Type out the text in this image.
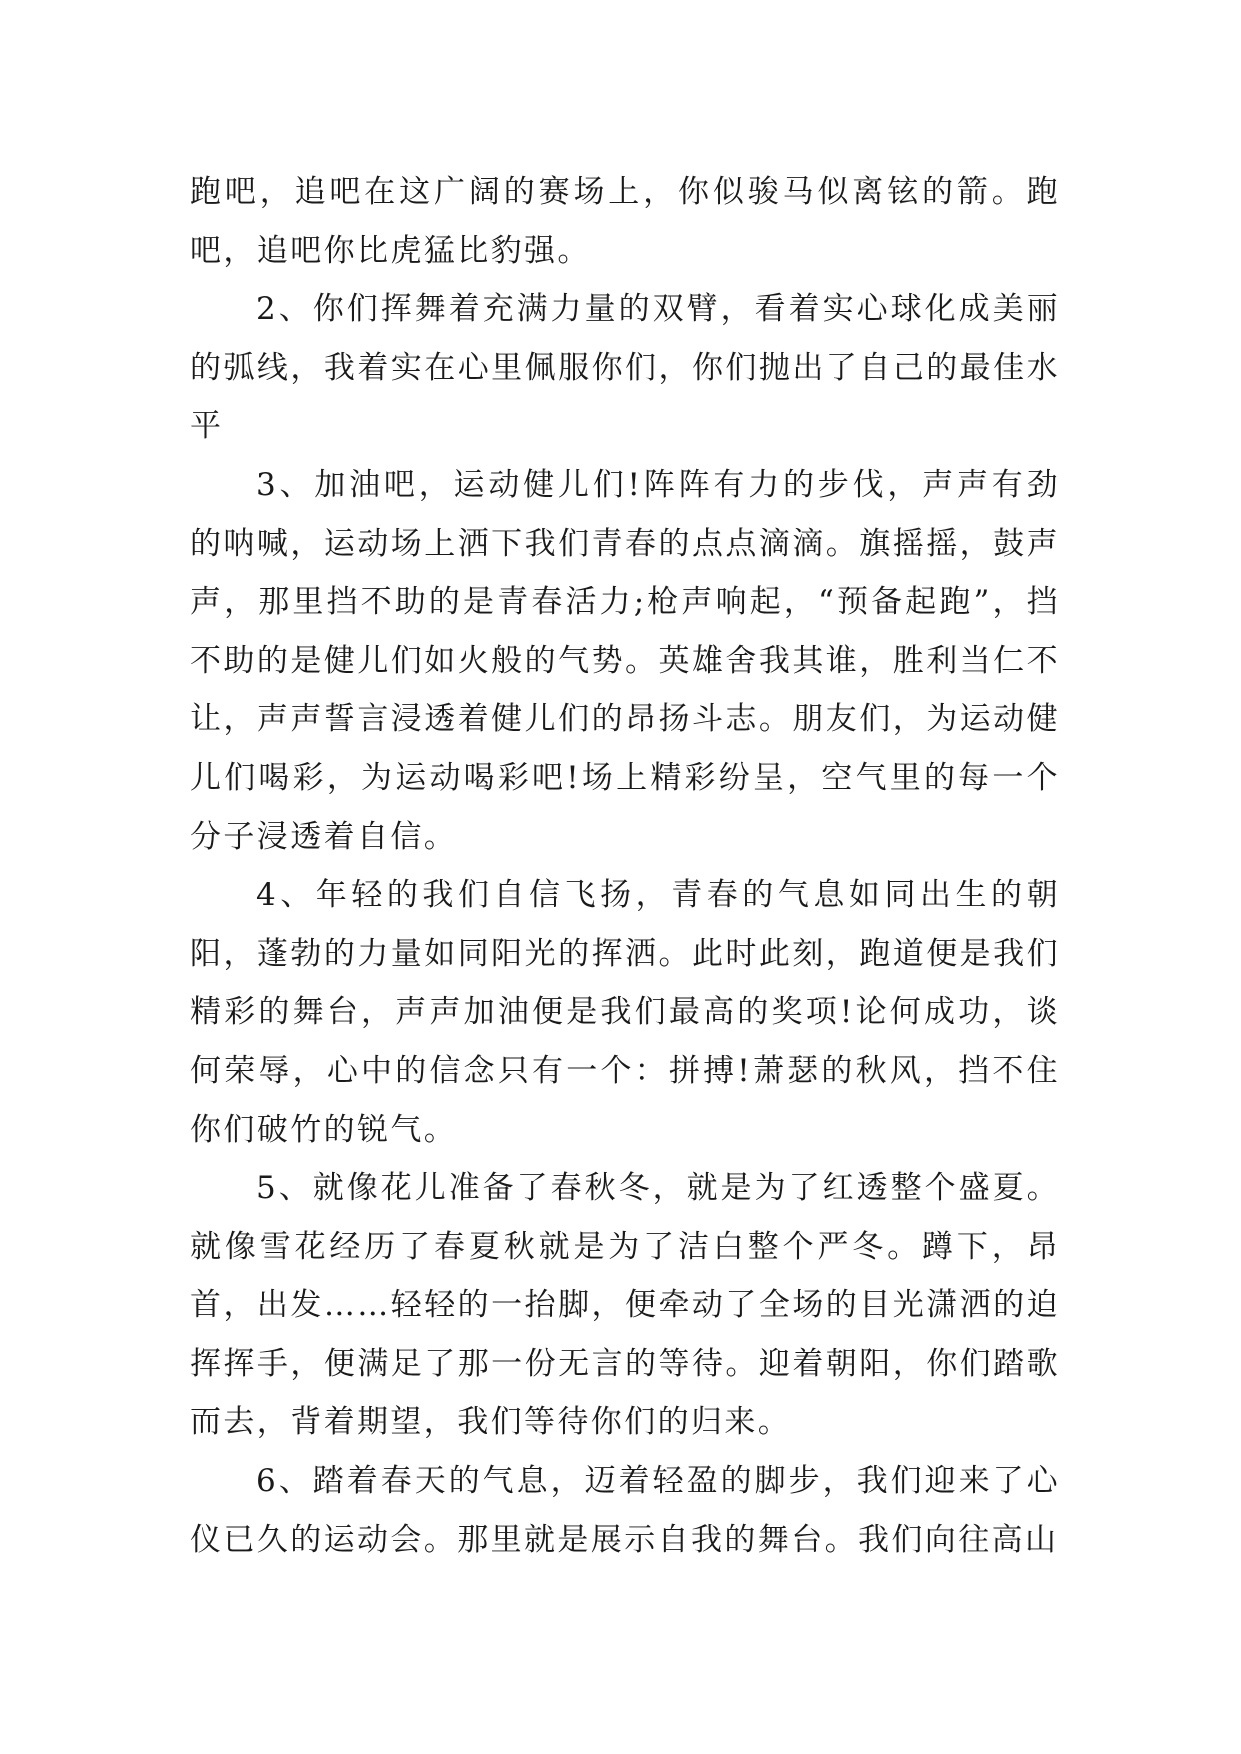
跑吧，追吧在这广阔的赛场上，你似骏马似离铉的箭。跑吧，追吧你比虎猛比豹强。

2、你们挥舞着充满力量的双臂，看着实心球化成美丽的弧线，我着实在心里佩服你们，你们抛出了自己的最佳水平

3、加油吧，运动健儿们!阵阵有力的步伐，声声有劲的呐喊，运动场上洒下我们青春的点点滴滴。旗摇摇，鼓声声，那里挡不助的是青春活力;枪声响起，“预备起跑”，挡不助的是健儿们如火般的气势。英雄舍我其谁，胜利当仁不让，声声誓言浸透着健儿们的昂扬斗志。朋友们，为运动健儿们喝彩，为运动喝彩吧!场上精彩纷呈，空气里的每一个分子浸透着自信。

4、年轻的我们自信飞扬，青春的气息如同出生的朝阳，蓬勃的力量如同阳光的挥洒。此时此刻，跑道便是我们精彩的舞台，声声加油便是我们最高的奖项!论何成功，谈何荣辱，心中的信念只有一个：拼搏!萧瑟的秋风，挡不住你们破竹的锐气。

5、就像花儿准备了春秋冬，就是为了红透整个盛夏。就像雪花经历了春夏秋就是为了洁白整个严冬。蹲下，昂首，出发……轻轻的一抬脚，便牵动了全场的目光潇洒的迫挥挥手，便满足了那一份无言的等待。迎着朝阳，你们踏歌而去，背着期望，我们等待你们的归来。

6、踏着春天的气息，迈着轻盈的脚步，我们迎来了心仪已久的运动会。那里就是展示自我的舞台。我们向往高山
